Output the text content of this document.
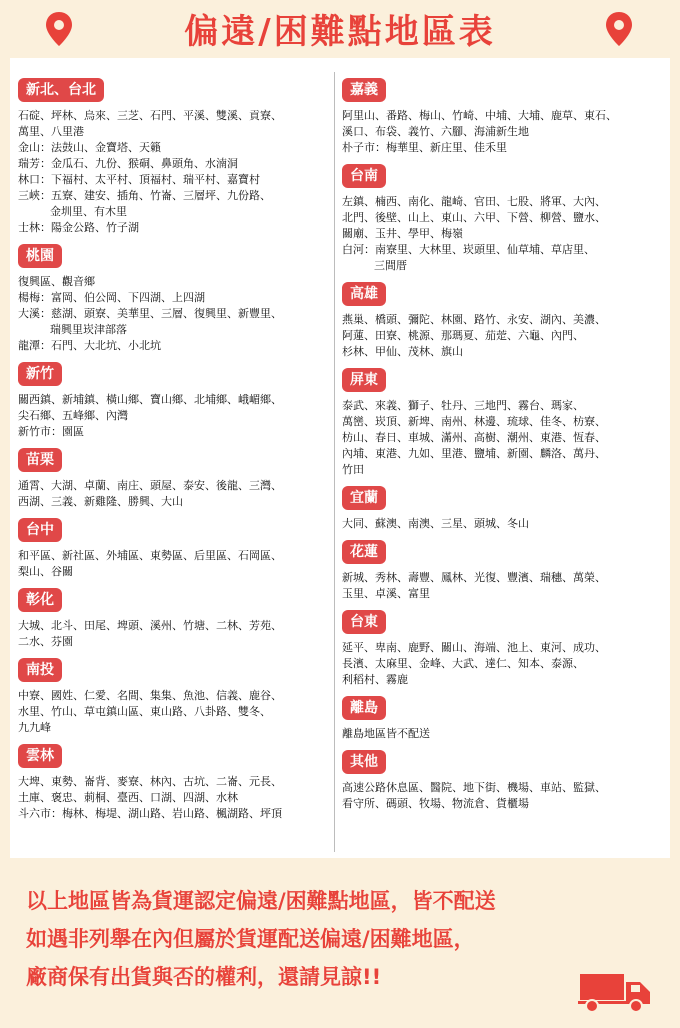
偏遠/困難點地區表
新北、台北
石碇、坪林、烏來、三芝、石門、平溪、雙溪、貢寮、
萬里、八里港
金山：法鼓山、金寶塔、天籟
瑞芳：金瓜石、九份、猴硐、鼻頭角、水湳洞
林口：下福村、太平村、頂福村、瑞平村、嘉寶村
三峽：五寮、建安、插角、竹崙、三層坪、九份路、
金圳里、有木里
士林：陽金公路、竹子湖
桃園
復興區、觀音鄉
楊梅：富岡、伯公岡、下四湖、上四湖
大溪：慈湖、頭寮、美華里、三層、復興里、新豐里、
瑞興里崁津部落
龍潭：石門、大北坑、小北坑
新竹
關西鎮、新埔鎮、橫山鄉、寶山鄉、北埔鄉、峨嵋鄉、
尖石鄉、五峰鄉、內灣
新竹市：園區
苗栗
通霄、大湖、卓蘭、南庄、頭屋、泰安、後龍、三灣、
西湖、三義、新雞隆、勝興、大山
台中
和平區、新社區、外埔區、東勢區、后里區、石岡區、
梨山、谷關
彰化
大城、北斗、田尾、埤頭、溪州、竹塘、二林、芳苑、
二水、芬園
南投
中寮、國姓、仁愛、名間、集集、魚池、信義、鹿谷、
水里、竹山、草屯鎮山區、東山路、八卦路、雙冬、
九九峰
雲林
大埤、東勢、崙背、麥寮、林內、古坑、二崙、元長、
土庫、褒忠、莿桐、臺西、口湖、四湖、水林
斗六市：梅林、梅堤、湖山路、岩山路、楓湖路、坪頂
嘉義
阿里山、番路、梅山、竹崎、中埔、大埔、鹿草、東石、
溪口、布袋、義竹、六腳、海浦新生地
朴子市：梅華里、新庄里、佳禾里
台南
左鎮、楠西、南化、龍崎、官田、七股、將軍、大內、
北門、後壁、山上、東山、六甲、下營、柳營、鹽水、
關廟、玉井、學甲、梅嶺
白河：南寮里、大林里、崁頭里、仙草埔、草店里、
三間厝
高雄
燕巢、橋頭、彌陀、林園、路竹、永安、湖內、美濃、
阿蓮、田寮、桃源、那瑪夏、茄萣、六龜、內門、
杉林、甲仙、茂林、旗山
屏東
泰武、來義、獅子、牡丹、三地門、霧台、瑪家、
萬巒、崁頂、新埤、南州、林邊、琉球、佳冬、枋寮、
枋山、春日、車城、滿州、高樹、潮州、東港、恆春、
內埔、東港、九如、里港、鹽埔、新園、麟洛、萬丹、
竹田
宜蘭
大同、蘇澳、南澳、三星、頭城、冬山
花蓮
新城、秀林、壽豐、鳳林、光復、豐濱、瑞穗、萬榮、
玉里、卓溪、富里
台東
延平、卑南、鹿野、關山、海端、池上、東河、成功、
長濱、太麻里、金峰、大武、達仁、知本、泰源、
利稻村、霧鹿
離島
離島地區皆不配送
其他
高速公路休息區、醫院、地下街、機場、車站、監獄、
看守所、碼頭、牧場、物流倉、貨櫃場
以上地區皆為貨運認定偏遠/困難點地區，皆不配送
如遇非列舉在內但屬於貨運配送偏遠/困難地區，
廠商保有出貨與否的權利，還請見諒!!
